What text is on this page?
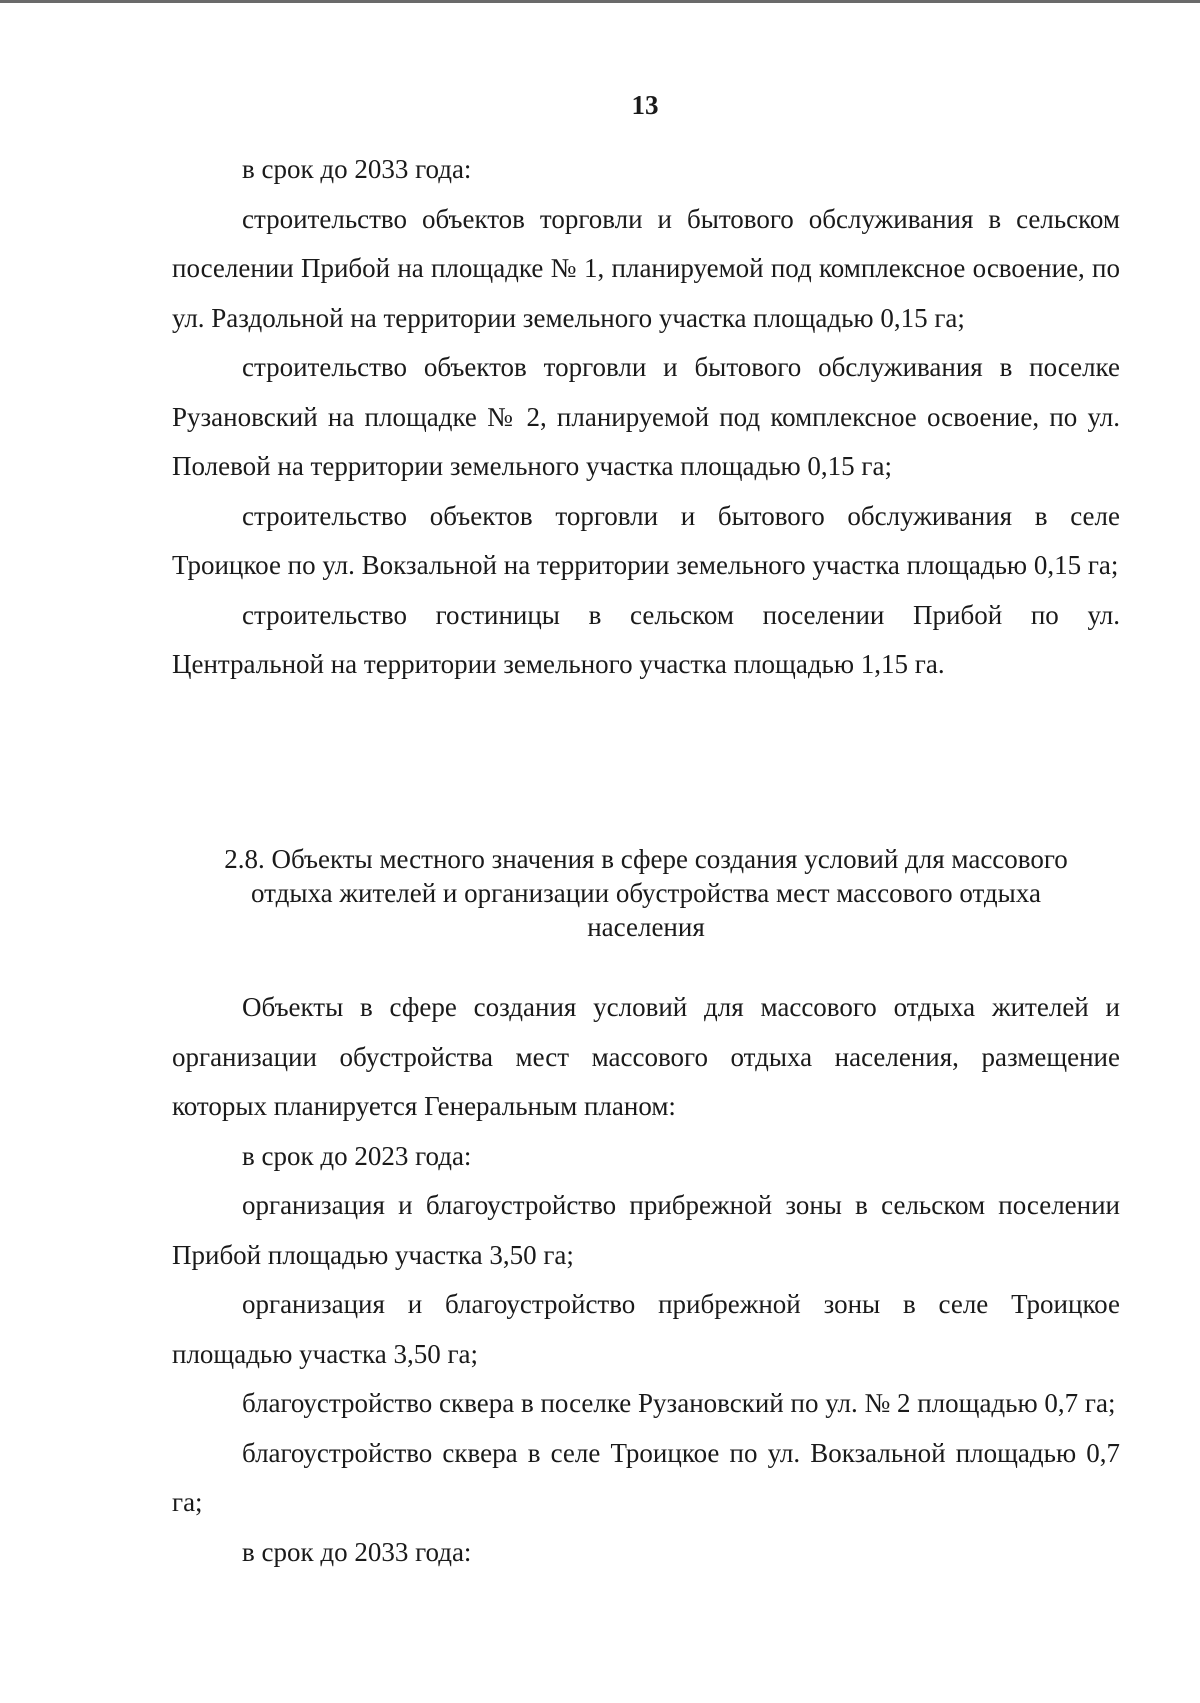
13

в срок до 2033 года:

строительство объектов торговли и бытового обслуживания в сельском поселении Прибой на площадке № 1, планируемой под комплексное освоение, по ул. Раздольной на территории земельного участка площадью 0,15 га;

строительство объектов торговли и бытового обслуживания в поселке Рузановский на площадке № 2, планируемой под комплексное освоение, по ул. Полевой на территории земельного участка площадью 0,15 га;

строительство объектов торговли и бытового обслуживания в селе Троицкое по ул. Вокзальной на территории земельного участка площадью 0,15 га;

строительство гостиницы в сельском поселении Прибой по ул. Центральной на территории земельного участка площадью 1,15 га.

2.8. Объекты местного значения в сфере создания условий для массового
отдыха жителей и организации обустройства мест массового отдыха
населения

Объекты в сфере создания условий для массового отдыха жителей и организации обустройства мест массового отдыха населения, размещение которых планируется Генеральным планом:

в срок до 2023 года:

организация и благоустройство прибрежной зоны в сельском поселении Прибой площадью участка 3,50 га;

организация и благоустройство прибрежной зоны в селе Троицкое площадью участка 3,50 га;

благоустройство сквера в поселке Рузановский по ул. № 2 площадью 0,7 га;

благоустройство сквера в селе Троицкое по ул. Вокзальной площадью 0,7 га;

в срок до 2033 года:
